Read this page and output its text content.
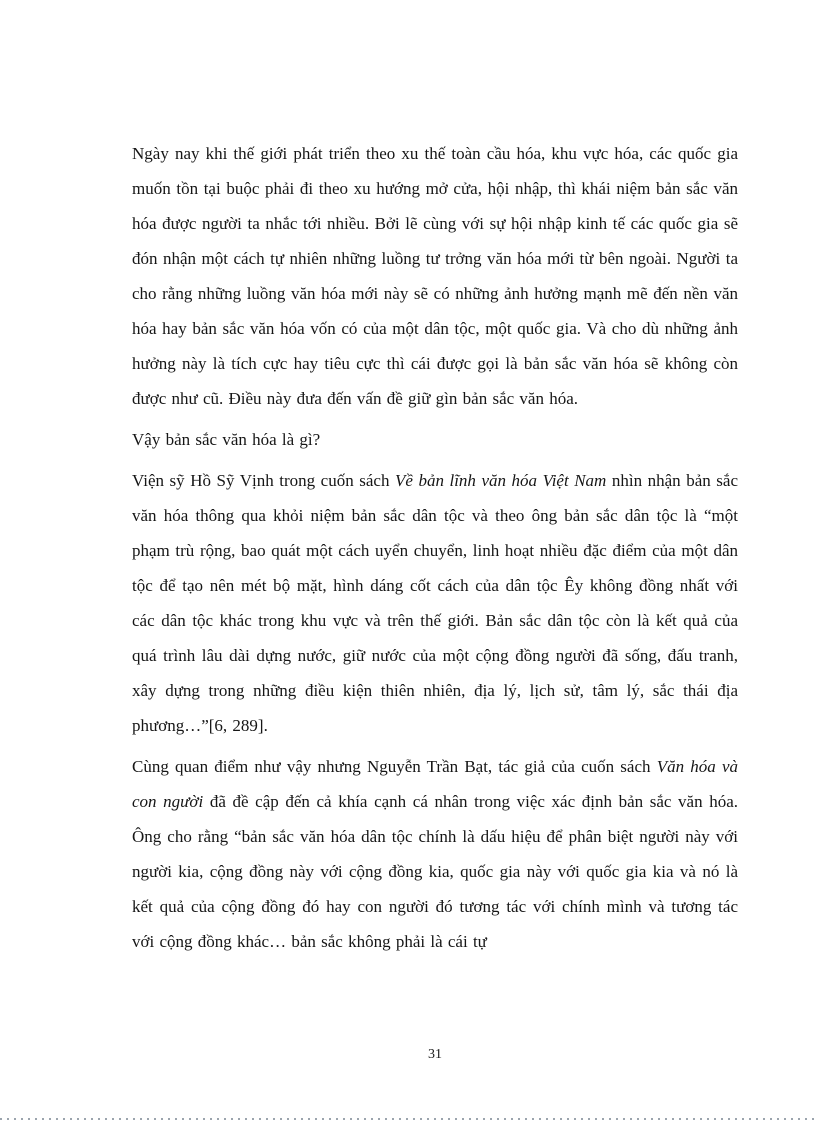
Ngày nay khi thế giới phát triển theo xu thế toàn cầu hóa, khu vực hóa, các quốc gia muốn tồn tại buộc phải đi theo xu hướng mở cửa, hội nhập, thì khái niệm bản sắc văn hóa được người ta nhắc tới nhiều. Bởi lẽ cùng với sự hội nhập kinh tế các quốc gia sẽ đón nhận một cách tự nhiên những luồng tư trởng văn hóa mới từ bên ngoài. Người ta cho rằng những luồng văn hóa mới này sẽ có những ảnh hưởng mạnh mẽ đến nền văn hóa hay bản sắc văn hóa vốn có của một dân tộc, một quốc gia. Và cho dù những ảnh hưởng này là tích cực hay tiêu cực thì cái được gọi là bản sắc văn hóa sẽ không còn được như cũ. Điều này đưa đến vấn đề giữ gìn bản sắc văn hóa.

Vậy bản sắc văn hóa là gì?

Viện sỹ Hồ Sỹ Vịnh trong cuốn sách Về bản lĩnh văn hóa Việt Nam nhìn nhận bản sắc văn hóa thông qua khỏi niệm bản sắc dân tộc và theo ông bản sắc dân tộc là “một phạm trù rộng, bao quát một cách uyển chuyển, linh hoạt nhiều đặc điểm của một dân tộc để tạo nên mét bộ mặt, hình dáng cốt cách của dân tộc Êy không đồng nhất với các dân tộc khác trong khu vực và trên thế giới. Bản sắc dân tộc còn là kết quả của quá trình lâu dài dựng nước, giữ nước của một cộng đồng người đã sống, đấu tranh, xây dựng trong những điều kiện thiên nhiên, địa lý, lịch sử, tâm lý, sắc thái địa phương…”[6, 289].

Cùng quan điểm như vậy nhưng Nguyễn Trần Bạt, tác giả của cuốn sách Văn hóa và con người đã đề cập đến cả khía cạnh cá nhân trong việc xác định bản sắc văn hóa. Ông cho rằng “bản sắc văn hóa dân tộc chính là dấu hiệu để phân biệt người này với người kia, cộng đồng này với cộng đồng kia, quốc gia này với quốc gia kia và nó là kết quả của cộng đồng đó hay con người đó tương tác với chính mình và tương tác với cộng đồng khác… bản sắc không phải là cái tự

31
